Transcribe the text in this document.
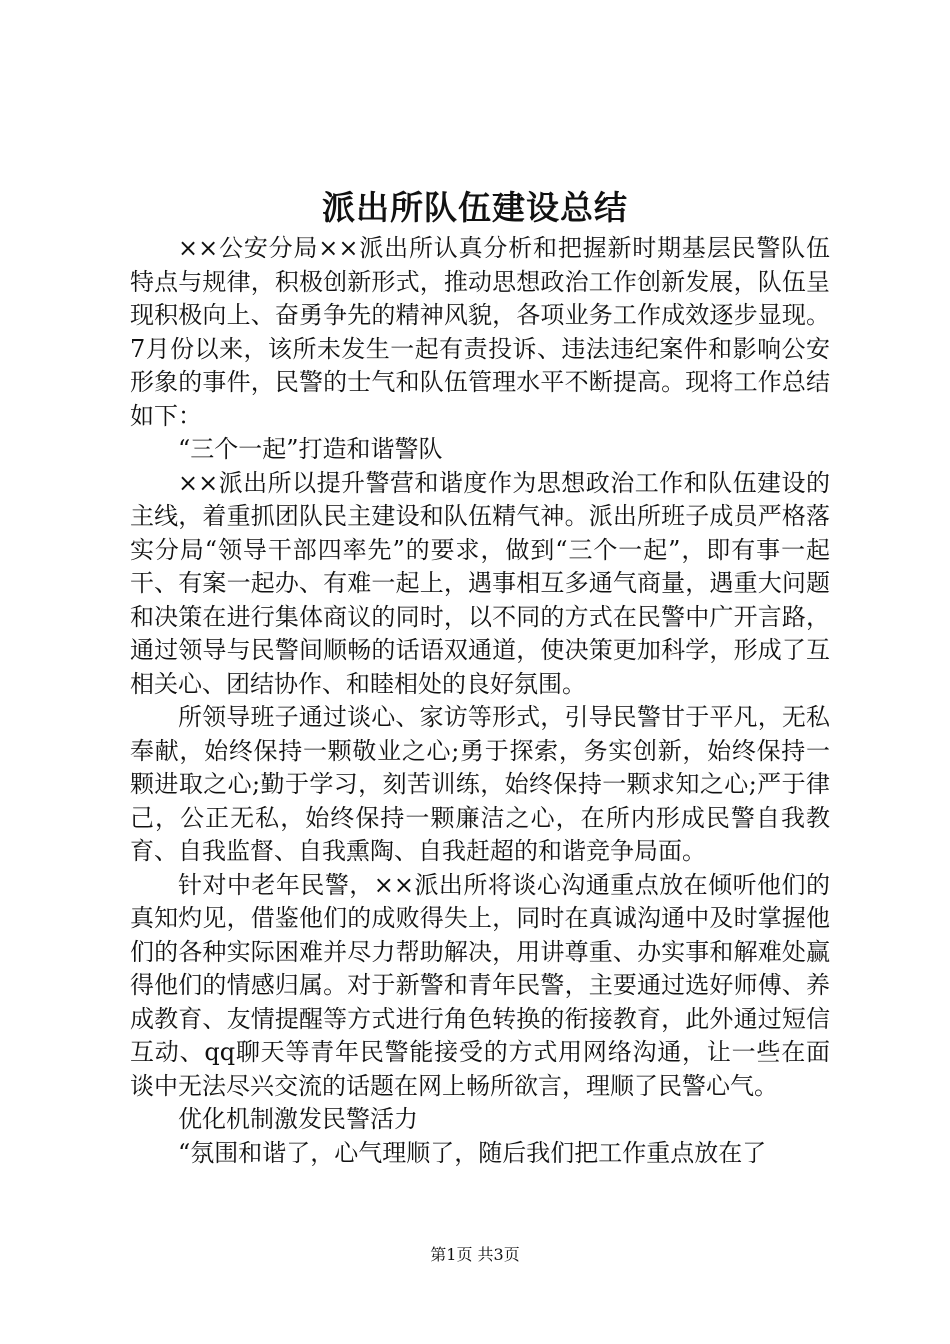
派出所队伍建设总结

××公安分局××派出所认真分析和把握新时期基层民警队伍特点与规律，积极创新形式，推动思想政治工作创新发展，队伍呈现积极向上、奋勇争先的精神风貌，各项业务工作成效逐步显现。7月份以来，该所未发生一起有责投诉、违法违纪案件和影响公安形象的事件，民警的士气和队伍管理水平不断提高。现将工作总结如下：

“三个一起”打造和谐警队

××派出所以提升警营和谐度作为思想政治工作和队伍建设的主线，着重抓团队民主建设和队伍精气神。派出所班子成员严格落实分局“领导干部四率先”的要求，做到“三个一起”，即有事一起干、有案一起办、有难一起上，遇事相互多通气商量，遇重大问题和决策在进行集体商议的同时，以不同的方式在民警中广开言路，通过领导与民警间顺畅的话语双通道，使决策更加科学，形成了互相关心、团结协作、和睦相处的良好氛围。

所领导班子通过谈心、家访等形式，引导民警甘于平凡，无私奉献，始终保持一颗敬业之心;勇于探索，务实创新，始终保持一颗进取之心;勤于学习，刻苦训练，始终保持一颗求知之心;严于律己，公正无私，始终保持一颗廉洁之心，在所内形成民警自我教育、自我监督、自我熏陶、自我赶超的和谐竞争局面。

针对中老年民警，××派出所将谈心沟通重点放在倾听他们的真知灼见，借鉴他们的成败得失上，同时在真诚沟通中及时掌握他们的各种实际困难并尽力帮助解决，用讲尊重、办实事和解难处赢得他们的情感归属。对于新警和青年民警，主要通过选好师傅、养成教育、友情提醒等方式进行角色转换的衔接教育，此外通过短信互动、qq聊天等青年民警能接受的方式用网络沟通，让一些在面谈中无法尽兴交流的话题在网上畅所欲言，理顺了民警心气。

优化机制激发民警活力

“氛围和谐了，心气理顺了，随后我们把工作重点放在了

第1页 共3页
